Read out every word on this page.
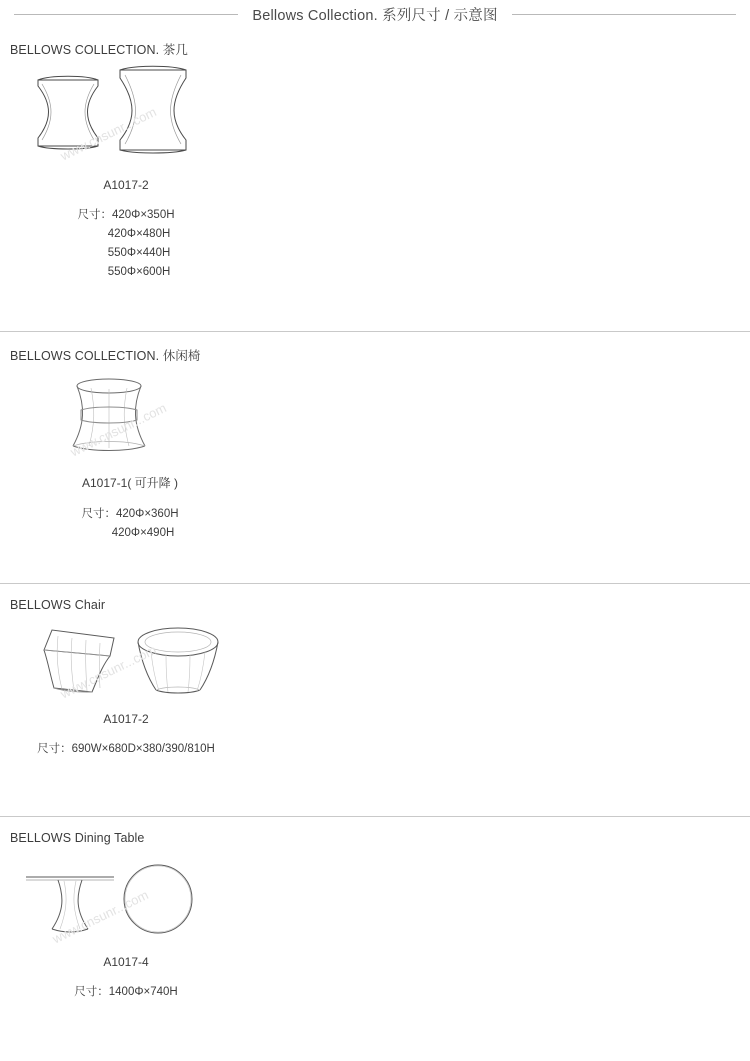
Bellows Collection. 系列尺寸 / 示意图
BELLOWS COLLECTION. 茶几
www.cnsunr...com
A1017-2
尺寸：420Φ×350H
420Φ×480H
550Φ×440H
550Φ×600H
BELLOWS COLLECTION. 休闲椅
www.cnsunr...com
A1017-1( 可升降 )
尺寸：420Φ×360H
420Φ×490H
BELLOWS Chair
www.cnsunr...com
A1017-2
尺寸：690W×680D×380/390/810H
BELLOWS Dining Table
www.cnsunr...com
A1017-4
尺寸：1400Φ×740H
